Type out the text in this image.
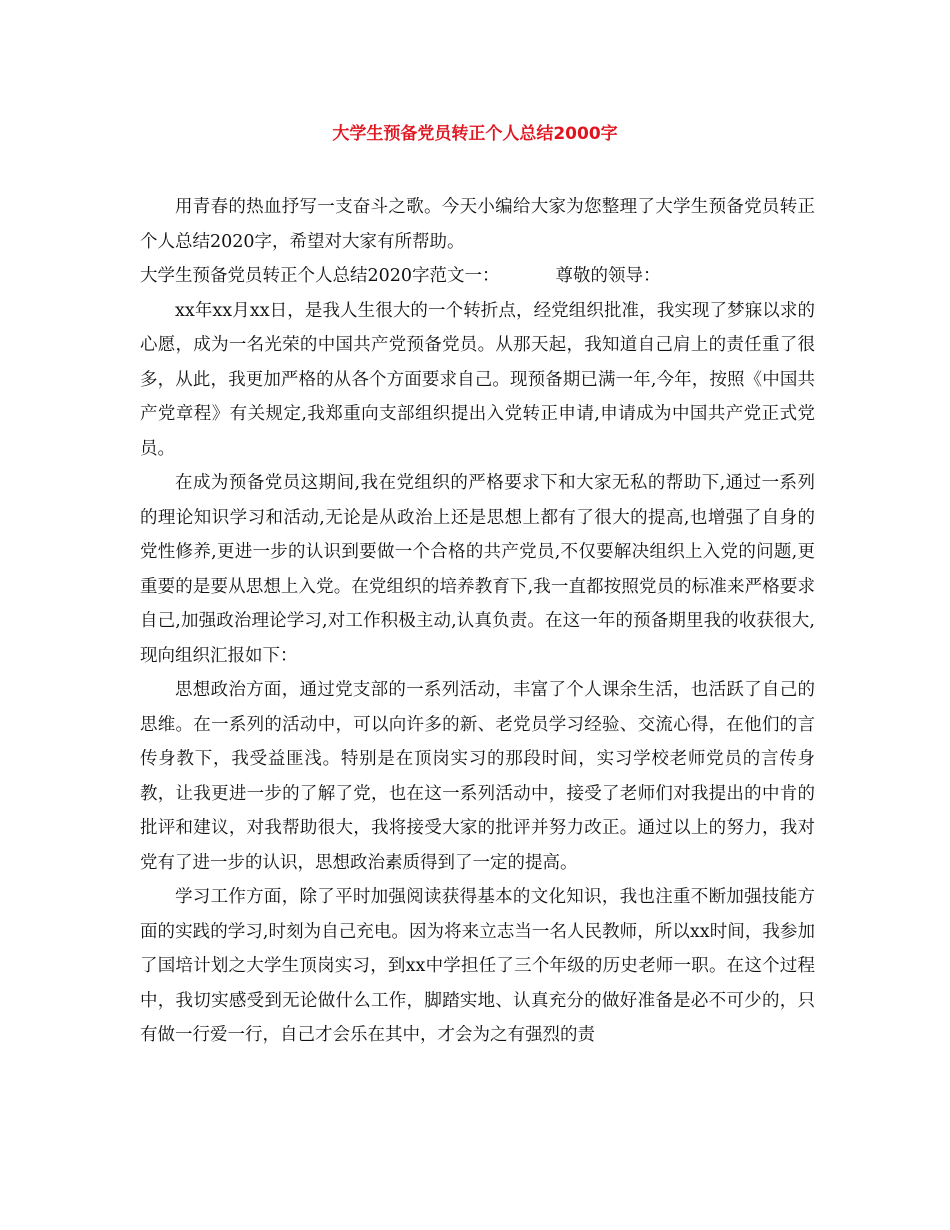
大学生预备党员转正个人总结2000字

用青春的热血抒写一支奋斗之歌。今天小编给大家为您整理了大学生预备党员转正个人总结2020字，希望对大家有所帮助。

大学生预备党员转正个人总结2020字范文一：	尊敬的领导：

xx年xx月xx日，是我人生很大的一个转折点，经党组织批准，我实现了梦寐以求的心愿，成为一名光荣的中国共产党预备党员。从那天起，我知道自己肩上的责任重了很多，从此，我更加严格的从各个方面要求自己。现预备期已满一年,今年，按照《中国共产党章程》有关规定,我郑重向支部组织提出入党转正申请,申请成为中国共产党正式党员。

在成为预备党员这期间,我在党组织的严格要求下和大家无私的帮助下,通过一系列的理论知识学习和活动,无论是从政治上还是思想上都有了很大的提高,也增强了自身的党性修养,更进一步的认识到要做一个合格的共产党员,不仅要解决组织上入党的问题,更重要的是要从思想上入党。在党组织的培养教育下,我一直都按照党员的标准来严格要求自己,加强政治理论学习,对工作积极主动,认真负责。在这一年的预备期里我的收获很大,现向组织汇报如下：

思想政治方面，通过党支部的一系列活动，丰富了个人课余生活，也活跃了自己的思维。在一系列的活动中，可以向许多的新、老党员学习经验、交流心得，在他们的言传身教下，我受益匪浅。特别是在顶岗实习的那段时间，实习学校老师党员的言传身教，让我更进一步的了解了党，也在这一系列活动中，接受了老师们对我提出的中肯的批评和建议，对我帮助很大，我将接受大家的批评并努力改正。通过以上的努力，我对党有了进一步的认识，思想政治素质得到了一定的提高。

学习工作方面，除了平时加强阅读获得基本的文化知识，我也注重不断加强技能方面的实践的学习,时刻为自己充电。因为将来立志当一名人民教师，所以xx时间，我参加了国培计划之大学生顶岗实习，到xx中学担任了三个年级的历史老师一职。在这个过程中，我切实感受到无论做什么工作，脚踏实地、认真充分的做好准备是必不可少的，只有做一行爱一行，自己才会乐在其中，才会为之有强烈的责
